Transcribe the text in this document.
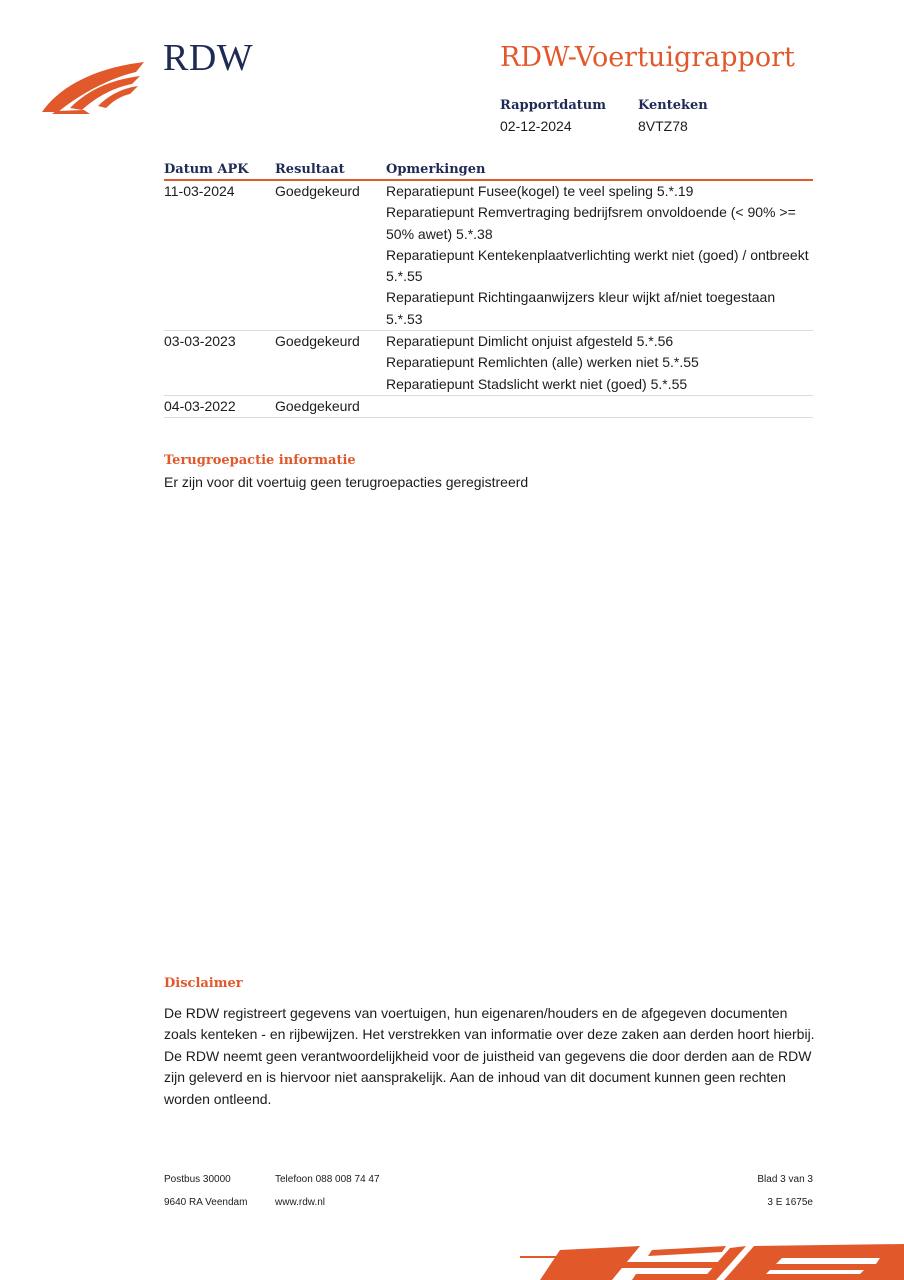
RDW	RDW-Voertuigrapport
Rapportdatum
02-12-2024
Kenteken
8VTZ78
Datum APK	Resultaat	Opmerkingen
11-03-2024	Goedgekeurd	Reparatiepunt Fusee(kogel) te veel speling 5.*.19
Reparatiepunt Remvertraging bedrijfsrem onvoldoende (< 90% >= 50% awet) 5.*.38
Reparatiepunt Kentekenplaatverlichting werkt niet (goed) / ontbreekt 5.*.55
Reparatiepunt Richtingaanwijzers kleur wijkt af/niet toegestaan 5.*.53

03-03-2023	Goedgekeurd	Reparatiepunt Dimlicht onjuist afgesteld 5.*.56
Reparatiepunt Remlichten (alle) werken niet 5.*.55
Reparatiepunt Stadslicht werkt niet (goed) 5.*.55

04-03-2022	Goedgekeurd	
Terugroepactie informatie
Er zijn voor dit voertuig geen terugroepacties geregistreerd
Disclaimer
De RDW registreert gegevens van voertuigen, hun eigenaren/houders en de afgegeven documenten zoals kenteken - en rijbewijzen. Het verstrekken van informatie over deze zaken aan derden hoort hierbij. De RDW neemt geen verantwoordelijkheid voor de juistheid van gegevens die door derden aan de RDW zijn geleverd en is hiervoor niet aansprakelijk. Aan de inhoud van dit document kunnen geen rechten worden ontleend.
Postbus 30000
9640 RA Veendam
Telefoon 088 008 74 47
www.rdw.nl
Blad 3 van 3
3 E 1675e
